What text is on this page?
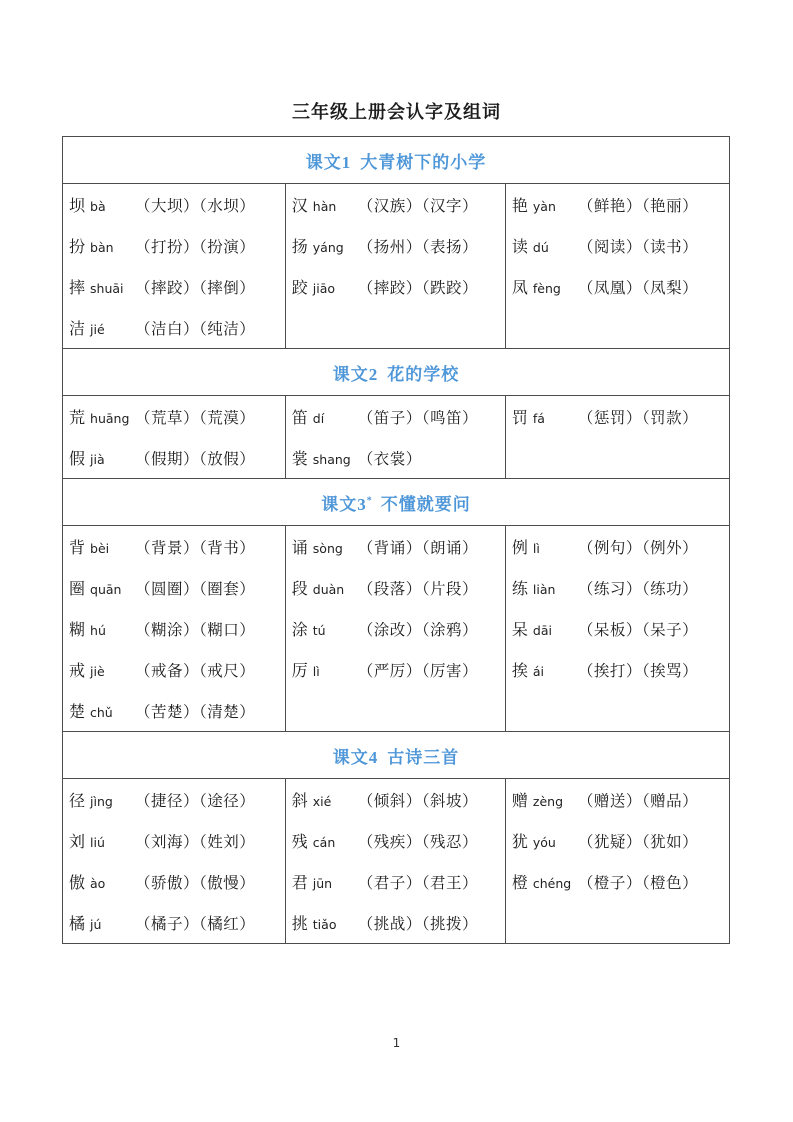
三年级上册会认字及组词
课文1 大青树下的小学		

坝 bà （大坝）（水坝）
扮 bàn （打扮）（扮演）
摔 shuāi （摔跤）（摔倒）
洁 jié （洁白）（纯洁）

汉 hàn （汉族）（汉字）
扬 yáng （扬州）（表扬）
跤 jiāo （摔跤）（跌跤）

艳 yàn （鲜艳）（艳丽）
读 dú （阅读）（读书）
凤 fèng （凤凰）（凤梨）

课文2 花的学校		

荒 huāng （荒草）（荒漠）
假 jià （假期）（放假）

笛 dí （笛子）（鸣笛）
裳 shang （衣裳）

罚 fá （惩罚）（罚款）

课文3* 不懂就要问		

背 bèi （背景）（背书）
圈 quān （圆圈）（圈套）
糊 hú （糊涂）（糊口）
戒 jiè （戒备）（戒尺）
楚 chǔ （苦楚）（清楚）

诵 sòng （背诵）（朗诵）
段 duàn （段落）（片段）
涂 tú （涂改）（涂鸦）
厉 lì （严厉）（厉害）

例 lì （例句）（例外）
练 liàn （练习）（练功）
呆 dāi （呆板）（呆子）
挨 ái （挨打）（挨骂）

课文4 古诗三首		

径 jìng （捷径）（途径）
刘 liú （刘海）（姓刘）
傲 ào （骄傲）（傲慢）
橘 jú （橘子）（橘红）

斜 xié （倾斜）（斜坡）
残 cán （残疾）（残忍）
君 jūn （君子）（君王）
挑 tiǎo （挑战）（挑拨）

赠 zèng （赠送）（赠品）
犹 yóu （犹疑）（犹如）
橙 chéng （橙子）（橙色）
1
